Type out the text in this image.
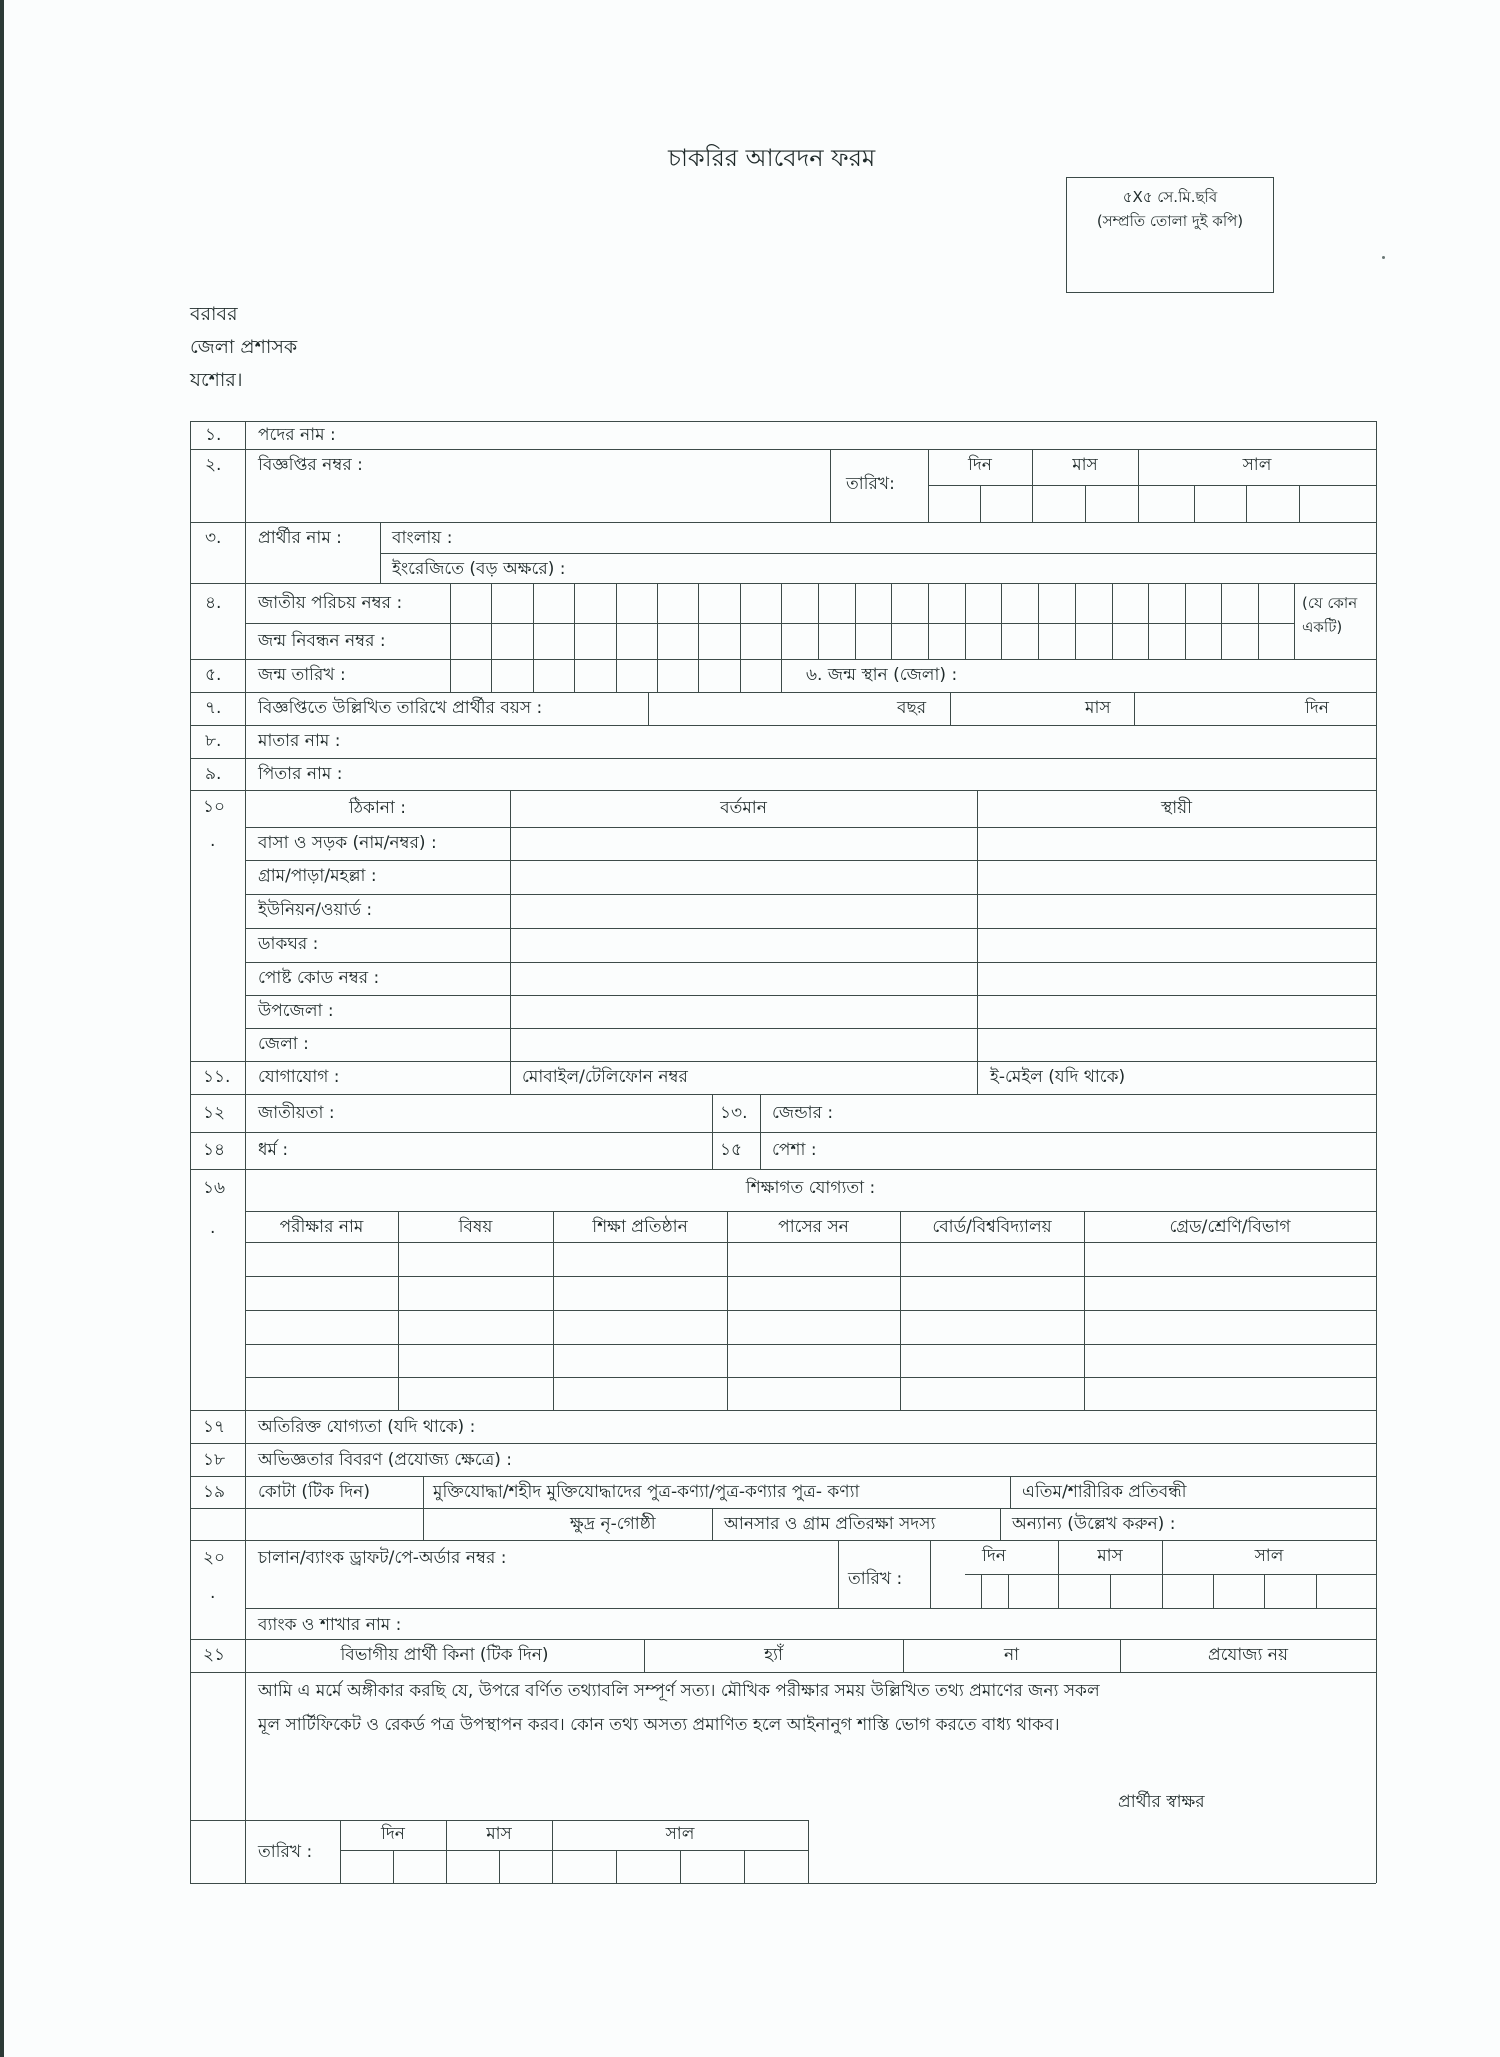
চাকরির আবেদন ফরম
৫X৫ সে.মি.ছবি
(সম্প্রতি তোলা দুই কপি)
বরাবর
জেলা প্রশাসক
যশোর।
১. পদের নাম :
২. বিজ্ঞপ্তির নম্বর :
তারিখ:
দিন	মাস	সাল
৩. প্রার্থীর নাম :	বাংলায় :
ইংরেজিতে (বড় অক্ষরে) :
৪. জাতীয় পরিচয় নম্বর :
জন্ম নিবন্ধন নম্বর :
(যে কোন
একটি)
৫. জন্ম তারিখ :	৬. জন্ম স্থান (জেলা) :
৭. বিজ্ঞপ্তিতে উল্লিখিত তারিখে প্রার্থীর বয়স :	বছর	মাস	দিন
৮. মাতার নাম :
৯. পিতার নাম :
১০
.
ঠিকানা :	বর্তমান	স্থায়ী
বাসা ও সড়ক (নাম/নম্বর) :
গ্রাম/পাড়া/মহল্লা :
ইউনিয়ন/ওয়ার্ড :
ডাকঘর :
পোষ্ট কোড নম্বর :
উপজেলা :
জেলা :
১১. যোগাযোগ :	মোবাইল/টেলিফোন নম্বর	ই-মেইল (যদি থাকে)
১২ জাতীয়তা :	১৩. জেন্ডার :
১৪ ধর্ম :	১৫ পেশা :
১৬
.
শিক্ষাগত যোগ্যতা :
পরীক্ষার নাম	বিষয়	শিক্ষা প্রতিষ্ঠান	পাসের সন	বোর্ড/বিশ্ববিদ্যালয়	গ্রেড/শ্রেণি/বিভাগ
১৭ অতিরিক্ত যোগ্যতা (যদি থাকে) :
১৮ অভিজ্ঞতার বিবরণ (প্রযোজ্য ক্ষেত্রে) :
১৯ কোটা (টিক দিন)	মুক্তিযোদ্ধা/শহীদ মুক্তিযোদ্ধাদের পুত্র-কণ্যা/পুত্র-কণ্যার পুত্র- কণ্যা	এতিম/শারীরিক প্রতিবন্ধী
ক্ষুদ্র নৃ-গোষ্ঠী	আনসার ও গ্রাম প্রতিরক্ষা সদস্য	অন্যান্য (উল্লেখ করুন) :
২০
.
চালান/ব্যাংক ড্রাফট/পে-অর্ডার নম্বর :
তারিখ :
দিন	মাস	সাল
ব্যাংক ও শাখার নাম :
২১	বিভাগীয় প্রার্থী কিনা (টিক দিন)	হ্যাঁ	না	প্রযোজ্য নয়
আমি এ মর্মে অঙ্গীকার করছি যে, উপরে বর্ণিত তথ্যাবলি সম্পূর্ণ সত্য। মৌখিক পরীক্ষার সময় উল্লিখিত তথ্য প্রমাণের জন্য সকল
মূল সার্টিফিকেট ও রেকর্ড পত্র উপস্থাপন করব। কোন তথ্য অসত্য প্রমাণিত হলে আইনানুগ শাস্তি ভোগ করতে বাধ্য থাকব।
প্রার্থীর স্বাক্ষর
তারিখ :
দিন	মাস	সাল
